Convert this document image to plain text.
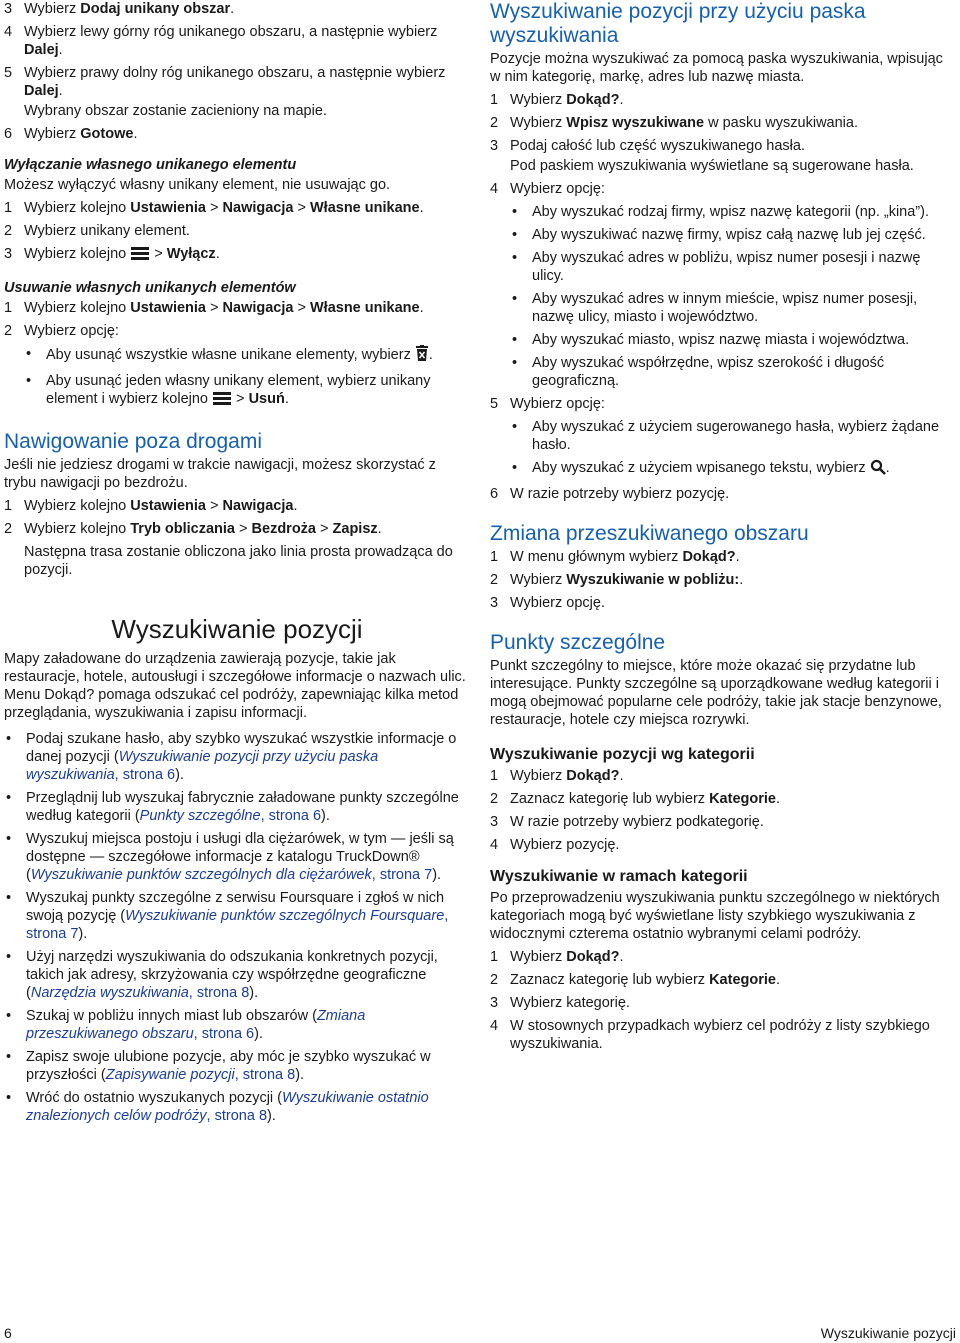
3 Wybierz Dodaj unikany obszar.
4 Wybierz lewy górny róg unikanego obszaru, a następnie wybierz Dalej.
5 Wybierz prawy dolny róg unikanego obszaru, a następnie wybierz Dalej.

Wybrany obszar zostanie zacieniony na mapie.

6 Wybierz Gotowe.

Wyłączanie własnego unikanego elementu

Możesz wyłączyć własny unikany element, nie usuwając go.

1 Wybierz kolejno Ustawienia > Nawigacja > Własne unikane.
2 Wybierz unikany element.
3 Wybierz kolejno  > Wyłącz.

Usuwanie własnych unikanych elementów

1 Wybierz kolejno Ustawienia > Nawigacja > Własne unikane.
2 Wybierz opcję:
• Aby usunąć wszystkie własne unikane elementy, wybierz .
• Aby usunąć jeden własny unikany element, wybierz unikany element i wybierz kolejno  > Usuń.
Nawigowanie poza drogami

Jeśli nie jedziesz drogami w trakcie nawigacji, możesz skorzystać z trybu nawigacji po bezdrożu.

1 Wybierz kolejno Ustawienia > Nawigacja.
2 Wybierz kolejno Tryb obliczania > Bezdroża > Zapisz.

Następna trasa zostanie obliczona jako linia prosta prowadząca do pozycji.

Wyszukiwanie pozycji

Mapy załadowane do urządzenia zawierają pozycje, takie jak restauracje, hotele, autousługi i szczegółowe informacje o nazwach ulic. Menu Dokąd? pomaga odszukać cel podróży, zapewniając kilka metod przeglądania, wyszukiwania i zapisu informacji.

• Podaj szukane hasło, aby szybko wyszukać wszystkie informacje o danej pozycji (Wyszukiwanie pozycji przy użyciu paska wyszukiwania, strona 6).
• Przeglądnij lub wyszukaj fabrycznie załadowane punkty szczególne według kategorii (Punkty szczególne, strona 6).
• Wyszukuj miejsca postoju i usługi dla ciężarówek, w tym — jeśli są dostępne — szczegółowe informacje z katalogu TruckDown® (Wyszukiwanie punktów szczególnych dla ciężarówek, strona 7).
• Wyszukaj punkty szczególne z serwisu Foursquare i zgłoś w nich swoją pozycję (Wyszukiwanie punktów szczególnych Foursquare, strona 7).
• Użyj narzędzi wyszukiwania do odszukania konkretnych pozycji, takich jak adresy, skrzyżowania czy współrzędne geograficzne (Narzędzia wyszukiwania, strona 8).
• Szukaj w pobliżu innych miast lub obszarów (Zmiana przeszukiwanego obszaru, strona 6).
• Zapisz swoje ulubione pozycje, aby móc je szybko wyszukać w przyszłości (Zapisywanie pozycji, strona 8).
• Wróć do ostatnio wyszukanych pozycji (Wyszukiwanie ostatnio znalezionych celów podróży, strona 8).
Wyszukiwanie pozycji przy użyciu paska wyszukiwania

Pozycje można wyszukiwać za pomocą paska wyszukiwania, wpisując w nim kategorię, markę, adres lub nazwę miasta.

1 Wybierz Dokąd?.
2 Wybierz Wpisz wyszukiwane w pasku wyszukiwania.
3 Podaj całość lub część wyszukiwanego hasła.

Pod paskiem wyszukiwania wyświetlane są sugerowane hasła.

4 Wybierz opcję:
• Aby wyszukać rodzaj firmy, wpisz nazwę kategorii (np. „kina”).
• Aby wyszukiwać nazwę firmy, wpisz całą nazwę lub jej część.
• Aby wyszukać adres w pobliżu, wpisz numer posesji i nazwę ulicy.
• Aby wyszukać adres w innym mieście, wpisz numer posesji, nazwę ulicy, miasto i województwo.
• Aby wyszukać miasto, wpisz nazwę miasta i województwa.
• Aby wyszukać współrzędne, wpisz szerokość i długość geograficzną.
5 Wybierz opcję:
• Aby wyszukać z użyciem sugerowanego hasła, wybierz żądane hasło.
• Aby wyszukać z użyciem wpisanego tekstu, wybierz .
6 W razie potrzeby wybierz pozycję.
Zmiana przeszukiwanego obszaru
1 W menu głównym wybierz Dokąd?.
2 Wybierz Wyszukiwanie w pobliżu:.
3 Wybierz opcję.
Punkty szczególne

Punkt szczególny to miejsce, które może okazać się przydatne lub interesujące. Punkty szczególne są uporządkowane według kategorii i mogą obejmować popularne cele podróży, takie jak stacje benzynowe, restauracje, hotele czy miejsca rozrywki.

Wyszukiwanie pozycji wg kategorii
1 Wybierz Dokąd?.
2 Zaznacz kategorię lub wybierz Kategorie.
3 W razie potrzeby wybierz podkategorię.
4 Wybierz pozycję.
Wyszukiwanie w ramach kategorii

Po przeprowadzeniu wyszukiwania punktu szczególnego w niektórych kategoriach mogą być wyświetlane listy szybkiego wyszukiwania z widocznymi czterema ostatnio wybranymi celami podróży.

1 Wybierz Dokąd?.
2 Zaznacz kategorię lub wybierz Kategorie.
3 Wybierz kategorię.
4 W stosownych przypadkach wybierz cel podróży z listy szybkiego wyszukiwania.
6	Wyszukiwanie pozycji
